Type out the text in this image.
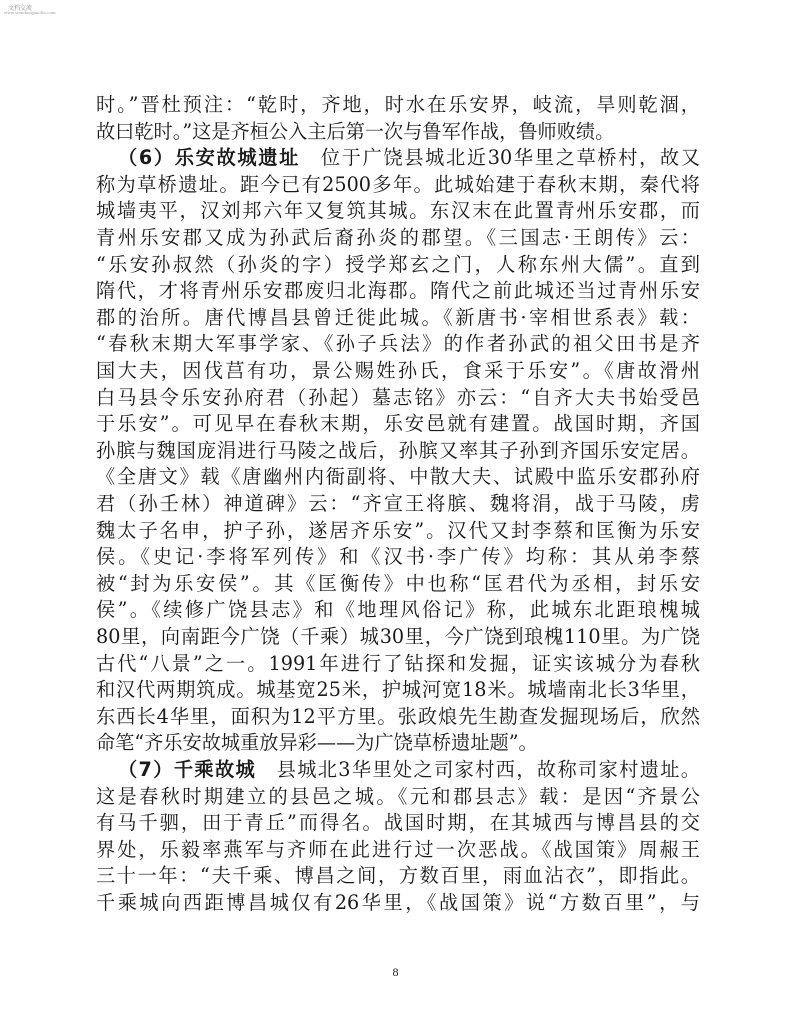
文档交流
www.wendangjiaoliu.com
时。”晋杜预注：“乾时，齐地，时水在乐安界，岐流，旱则乾涸，
故曰乾时。”这是齐桓公入主后第一次与鲁军作战，鲁师败绩。
（6）乐安故城遗址  位于广饶县城北近30华里之草桥村，故又
称为草桥遗址。距今已有2500多年。此城始建于春秋末期，秦代将
城墙夷平，汉刘邦六年又复筑其城。东汉末在此置青州乐安郡，而
青州乐安郡又成为孙武后裔孙炎的郡望。《三国志·王朗传》云：
“乐安孙叔然（孙炎的字）授学郑玄之门，人称东州大儒”。直到
隋代，才将青州乐安郡废归北海郡。隋代之前此城还当过青州乐安
郡的治所。唐代博昌县曾迁徙此城。《新唐书·宰相世系表》载：
“春秋末期大军事学家、《孙子兵法》的作者孙武的祖父田书是齐
国大夫，因伐莒有功，景公赐姓孙氏，食采于乐安”。《唐故滑州
白马县令乐安孙府君（孙起）墓志铭》亦云：“自齐大夫书始受邑
于乐安”。可见早在春秋末期，乐安邑就有建置。战国时期，齐国
孙膑与魏国庞涓进行马陵之战后，孙膑又率其子孙到齐国乐安定居。
《全唐文》载《唐幽州内衙副将、中散大夫、试殿中监乐安郡孙府
君（孙壬林）神道碑》云：“齐宣王将膑、魏将涓，战于马陵，虏
魏太子名申，护子孙，遂居齐乐安”。汉代又封李蔡和匡衡为乐安
侯。《史记·李将军列传》和《汉书·李广传》均称：其从弟李蔡
被“封为乐安侯”。其《匡衡传》中也称“匡君代为丞相，封乐安
侯”。《续修广饶县志》和《地理风俗记》称，此城东北距琅槐城
80里，向南距今广饶（千乘）城30里，今广饶到琅槐110里。为广饶
古代“八景”之一。1991年进行了钻探和发掘，证实该城分为春秋
和汉代两期筑成。城基宽25米，护城河宽18米。城墙南北长3华里，
东西长4华里，面积为12平方里。张政烺先生勘查发掘现场后，欣然
命笔“齐乐安故城重放异彩——为广饶草桥遗址题”。
（7）千乘故城  县城北3华里处之司家村西，故称司家村遗址。
这是春秋时期建立的县邑之城。《元和郡县志》载：是因“齐景公
有马千驷，田于青丘”而得名。战国时期，在其城西与博昌县的交
界处，乐毅率燕军与齐师在此进行过一次恶战。《战国策》周赧王
三十一年：“夫千乘、博昌之间，方数百里，雨血沾衣”，即指此。
千乘城向西距博昌城仅有26华里，《战国策》说“方数百里”，与
8
